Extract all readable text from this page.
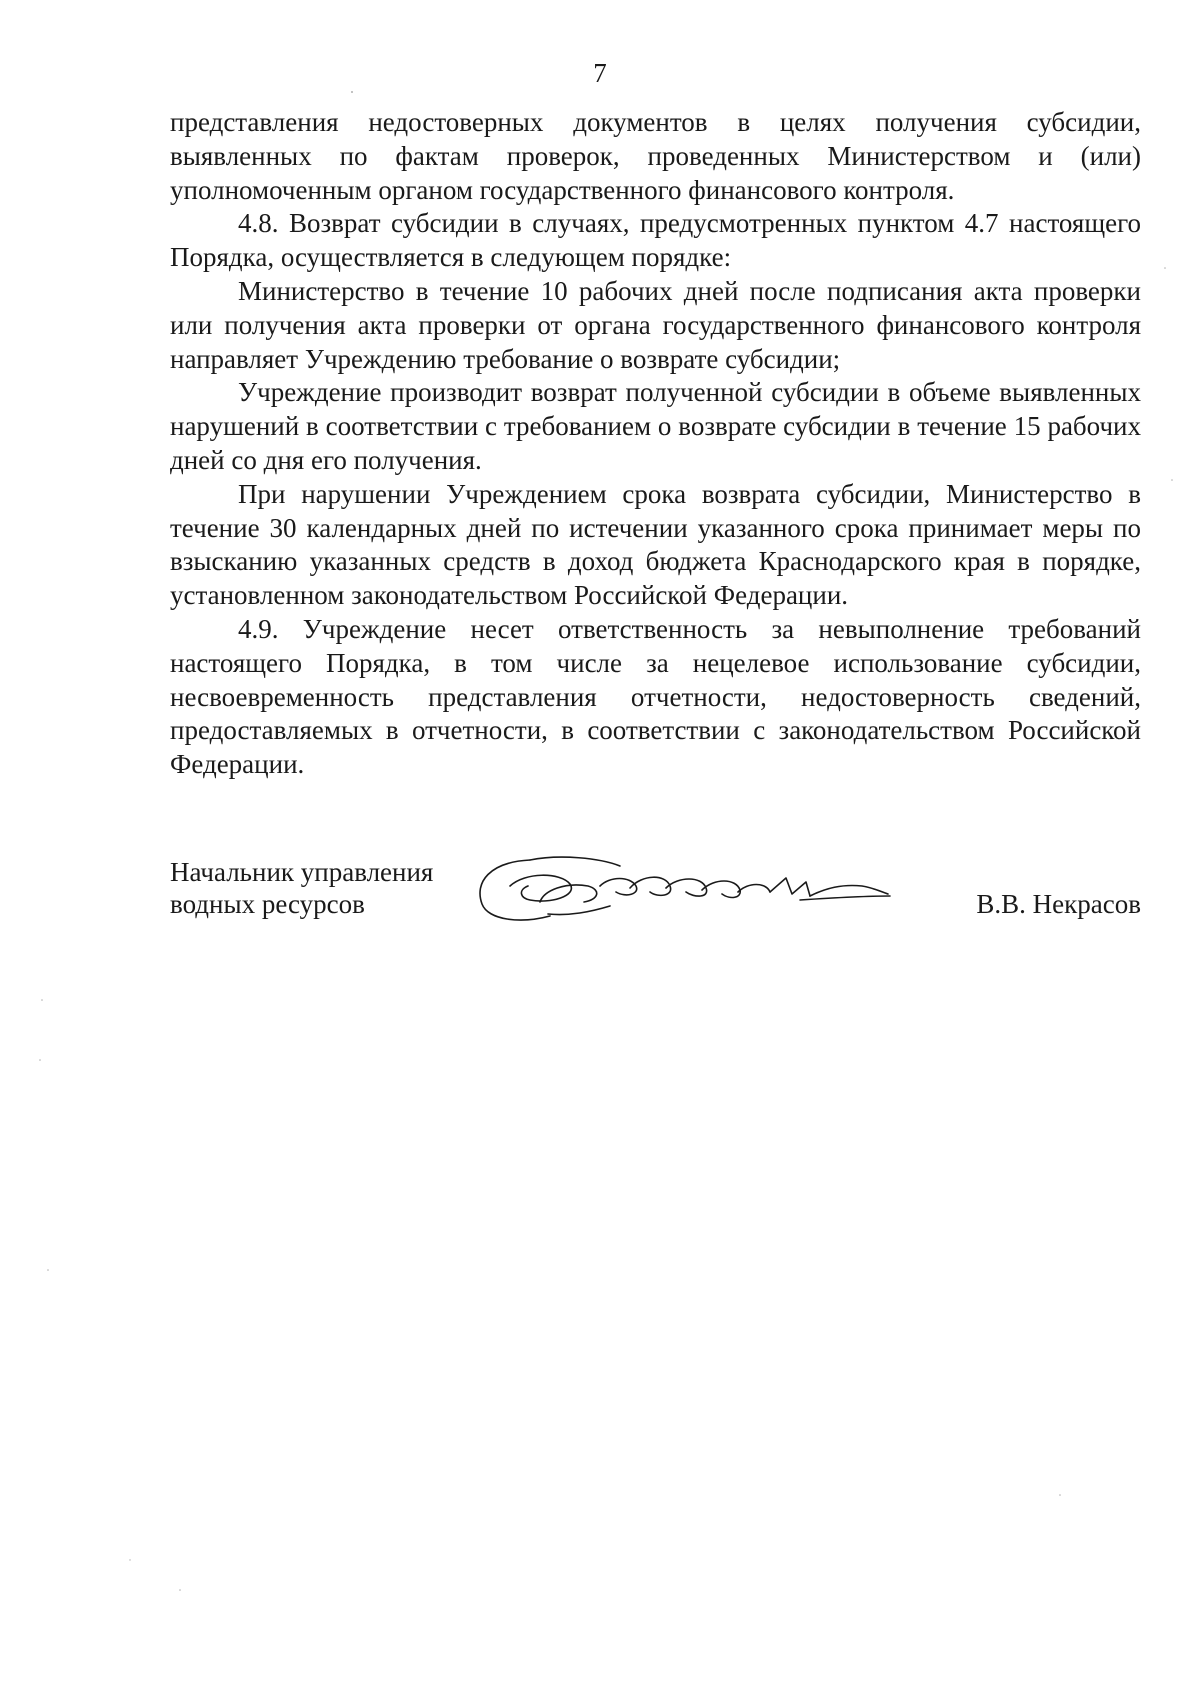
7

представления недостоверных документов в целях получения субсидии, выявленных по фактам проверок, проведенных Министерством и (или) уполномоченным органом государственного финансового контроля.

4.8. Возврат субсидии в случаях, предусмотренных пунктом 4.7 настоящего Порядка, осуществляется в следующем порядке:

Министерство в течение 10 рабочих дней после подписания акта проверки или получения акта проверки от органа государственного финансового контроля направляет Учреждению требование о возврате субсидии;

Учреждение производит возврат полученной субсидии в объеме выявленных нарушений в соответствии с требованием о возврате субсидии в течение 15 рабочих дней со дня его получения.

При нарушении Учреждением срока возврата субсидии, Министерство в течение 30 календарных дней по истечении указанного срока принимает меры по взысканию указанных средств в доход бюджета Краснодарского края в порядке, установленном законодательством Российской Федерации.

4.9. Учреждение несет ответственность за невыполнение требований настоящего Порядка, в том числе за нецелевое использование субсидии, несвоевременность представления отчетности, недостоверность сведений, предоставляемых в отчетности, в соответствии с законодательством Российской Федерации.

Начальник управления
водных ресурсов	В.В. Некрасов
